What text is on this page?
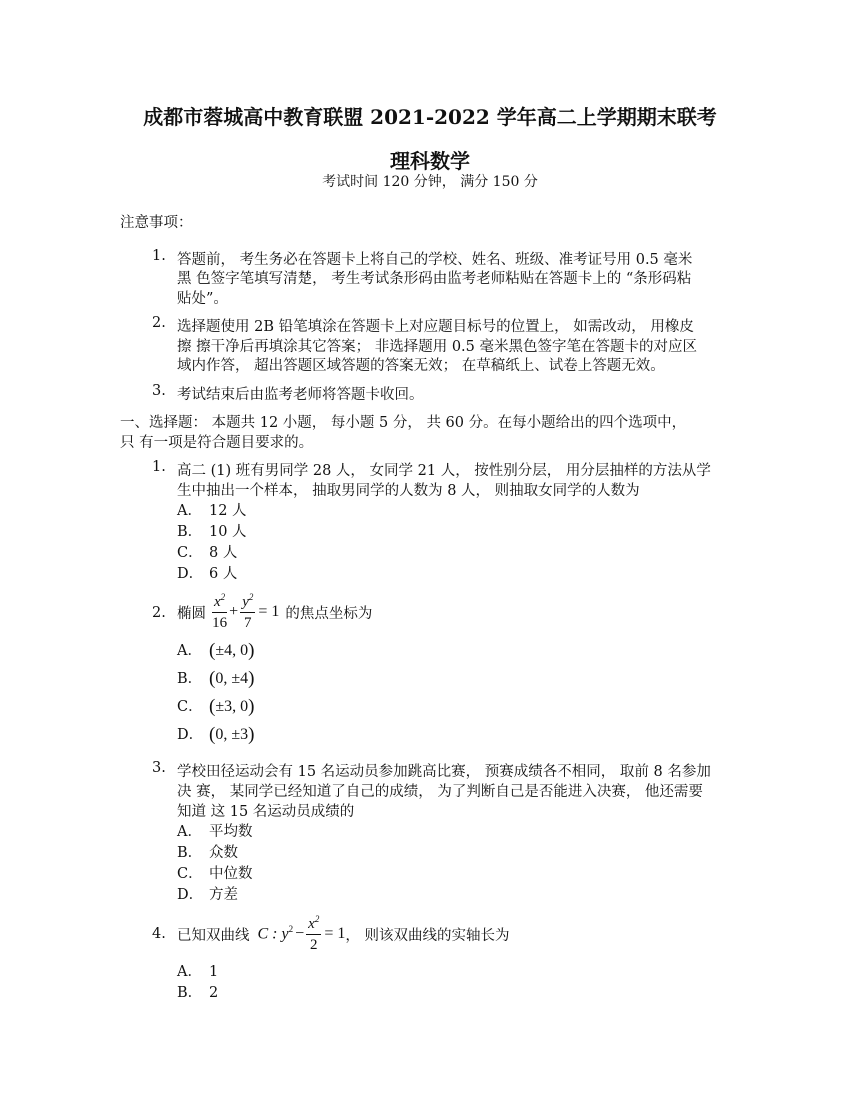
成都市蓉城高中教育联盟 2021-2022 学年高二上学期期末联考
理科数学
考试时间 120 分钟， 满分 150 分
注意事项：
1. 答题前， 考生务必在答题卡上将自己的学校、姓名、班级、准考证号用 0.5 毫米
黑 色签字笔填写清楚， 考生考试条形码由监考老师粘贴在答题卡上的 “条形码粘
贴处”。
2. 选择题使用 2B 铅笔填涂在答题卡上对应题目标号的位置上， 如需改动， 用橡皮
擦 擦干净后再填涂其它答案； 非选择题用 0.5 毫米黑色签字笔在答题卡的对应区
域内作答， 超出答题区域答题的答案无效； 在草稿纸上、试卷上答题无效。
3. 考试结束后由监考老师将答题卡收回。
一、选择题： 本题共 12 小题， 每小题 5 分， 共 60 分。在每小题给出的四个选项中，
只 有一项是符合题目要求的。
1. 高二 (1) 班有男同学 28 人， 女同学 21 人， 按性别分层， 用分层抽样的方法从学
生中抽出一个样本， 抽取男同学的人数为 8 人， 则抽取女同学的人数为
A． 12 人
B． 10 人
C． 8 人
D． 6 人
2. 椭圆 $\frac{x^2}{16} + \frac{y^2}{7} = 1$ 的焦点坐标为
A． (±4, 0)
B． (0, ±4)
C． (±3, 0)
D． (0, ±3)
3. 学校田径运动会有 15 名运动员参加跳高比赛， 预赛成绩各不相同， 取前 8 名参加
决 赛， 某同学已经知道了自己的成绩， 为了判断自己是否能进入决赛， 他还需要
知道 这 15 名运动员成绩的
A． 平均数
B． 众数
C． 中位数
D． 方差
4. 已知双曲线 C : $y^2 - \frac{x^2}{2} = 1$ ， 则该双曲线的实轴长为
A． 1
B． 2
